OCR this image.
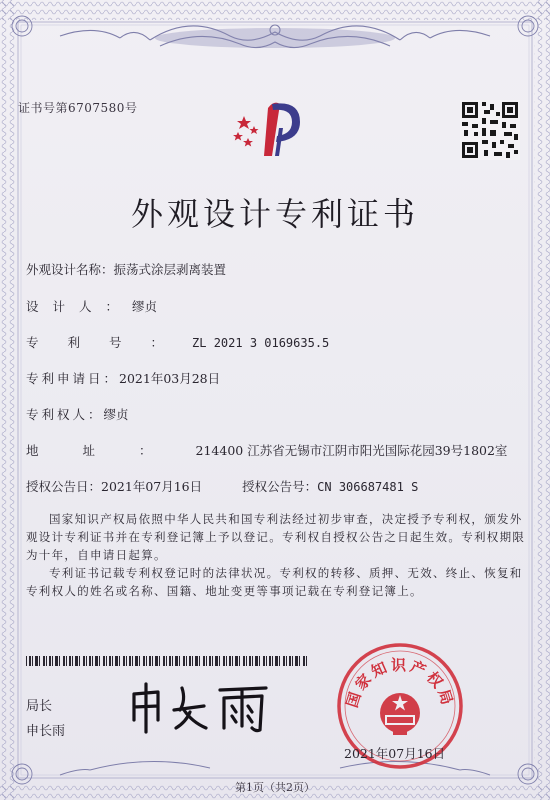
证书号第6707580号
外观设计专利证书
外观设计名称：振荡式涂层剥离装置
设计人：缪贞
专利号：ZL 2021 3 0169635.5
专利申请日：2021年03月28日
专利权人：缪贞
地址：214400 江苏省无锡市江阴市阳光国际花园39号1802室
授权公告日：2021年07月16日	授权公告号：CN 306687481 S
国家知识产权局依照中华人民共和国专利法经过初步审查，决定授予专利权，颁发外观设计专利证书并在专利登记簿上予以登记。专利权自授权公告之日起生效。专利权期限为十年，自申请日起算。
专利证书记载专利权登记时的法律状况。专利权的转移、质押、无效、终止、恢复和专利权人的姓名或名称、国籍、地址变更等事项记载在专利登记簿上。
局长
申长雨
国家知识产权局
2021年07月16日
第1页（共2页）
